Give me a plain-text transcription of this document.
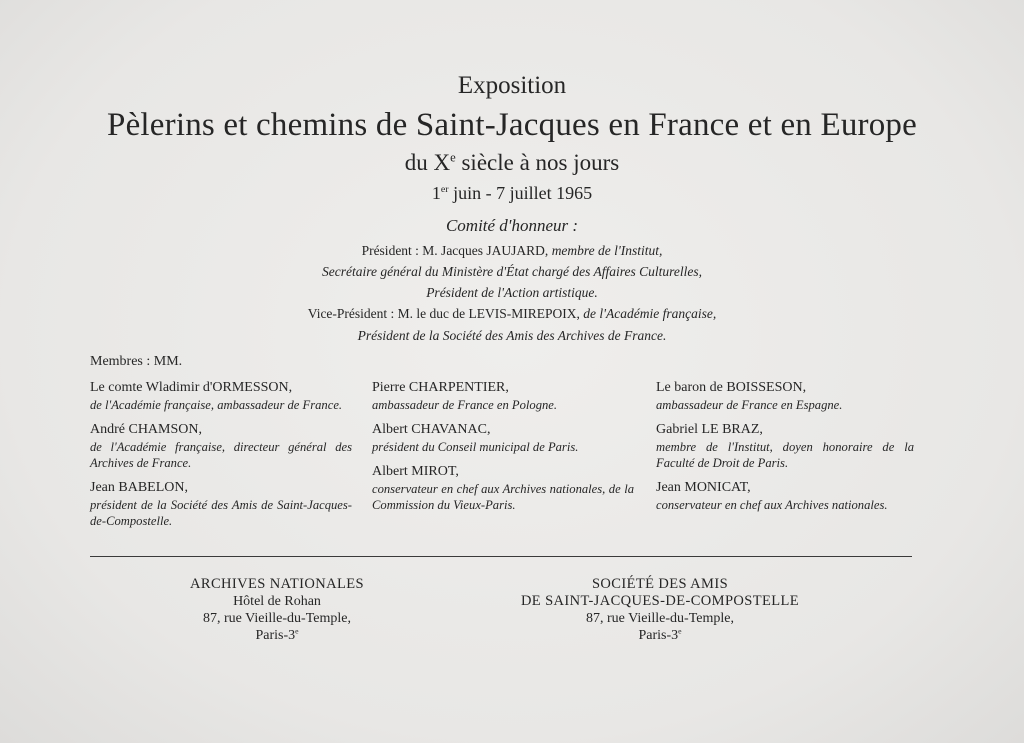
Exposition
Pèlerins et chemins de Saint-Jacques en France et en Europe
du Xe siècle à nos jours
1er juin - 7 juillet 1965
Comité d'honneur :
Président : M. Jacques JAUJARD, membre de l'Institut,
Secrétaire général du Ministère d'État chargé des Affaires Culturelles,
Président de l'Action artistique.
Vice-Président : M. le duc de LEVIS-MIREPOIX, de l'Académie française,
Président de la Société des Amis des Archives de France.
Membres : MM.
Le comte Wladimir d'ORMESSON,
de l'Académie française, ambassadeur de France.
André CHAMSON,
de l'Académie française, directeur général des Archives de France.
Jean BABELON,
président de la Société des Amis de Saint-Jacques-de-Compostelle.
Pierre CHARPENTIER,
ambassadeur de France en Pologne.
Albert CHAVANAC,
président du Conseil municipal de Paris.
Albert MIROT,
conservateur en chef aux Archives nationales, de la Commission du Vieux-Paris.
Le baron de BOISSESON,
ambassadeur de France en Espagne.
Gabriel LE BRAZ,
membre de l'Institut, doyen honoraire de la Faculté de Droit de Paris.
Jean MONICAT,
conservateur en chef aux Archives nationales.
ARCHIVES NATIONALES
Hôtel de Rohan
87, rue Vieille-du-Temple,
Paris-3e
SOCIÉTÉ DES AMIS
DE SAINT-JACQUES-DE-COMPOSTELLE
87, rue Vieille-du-Temple,
Paris-3e
